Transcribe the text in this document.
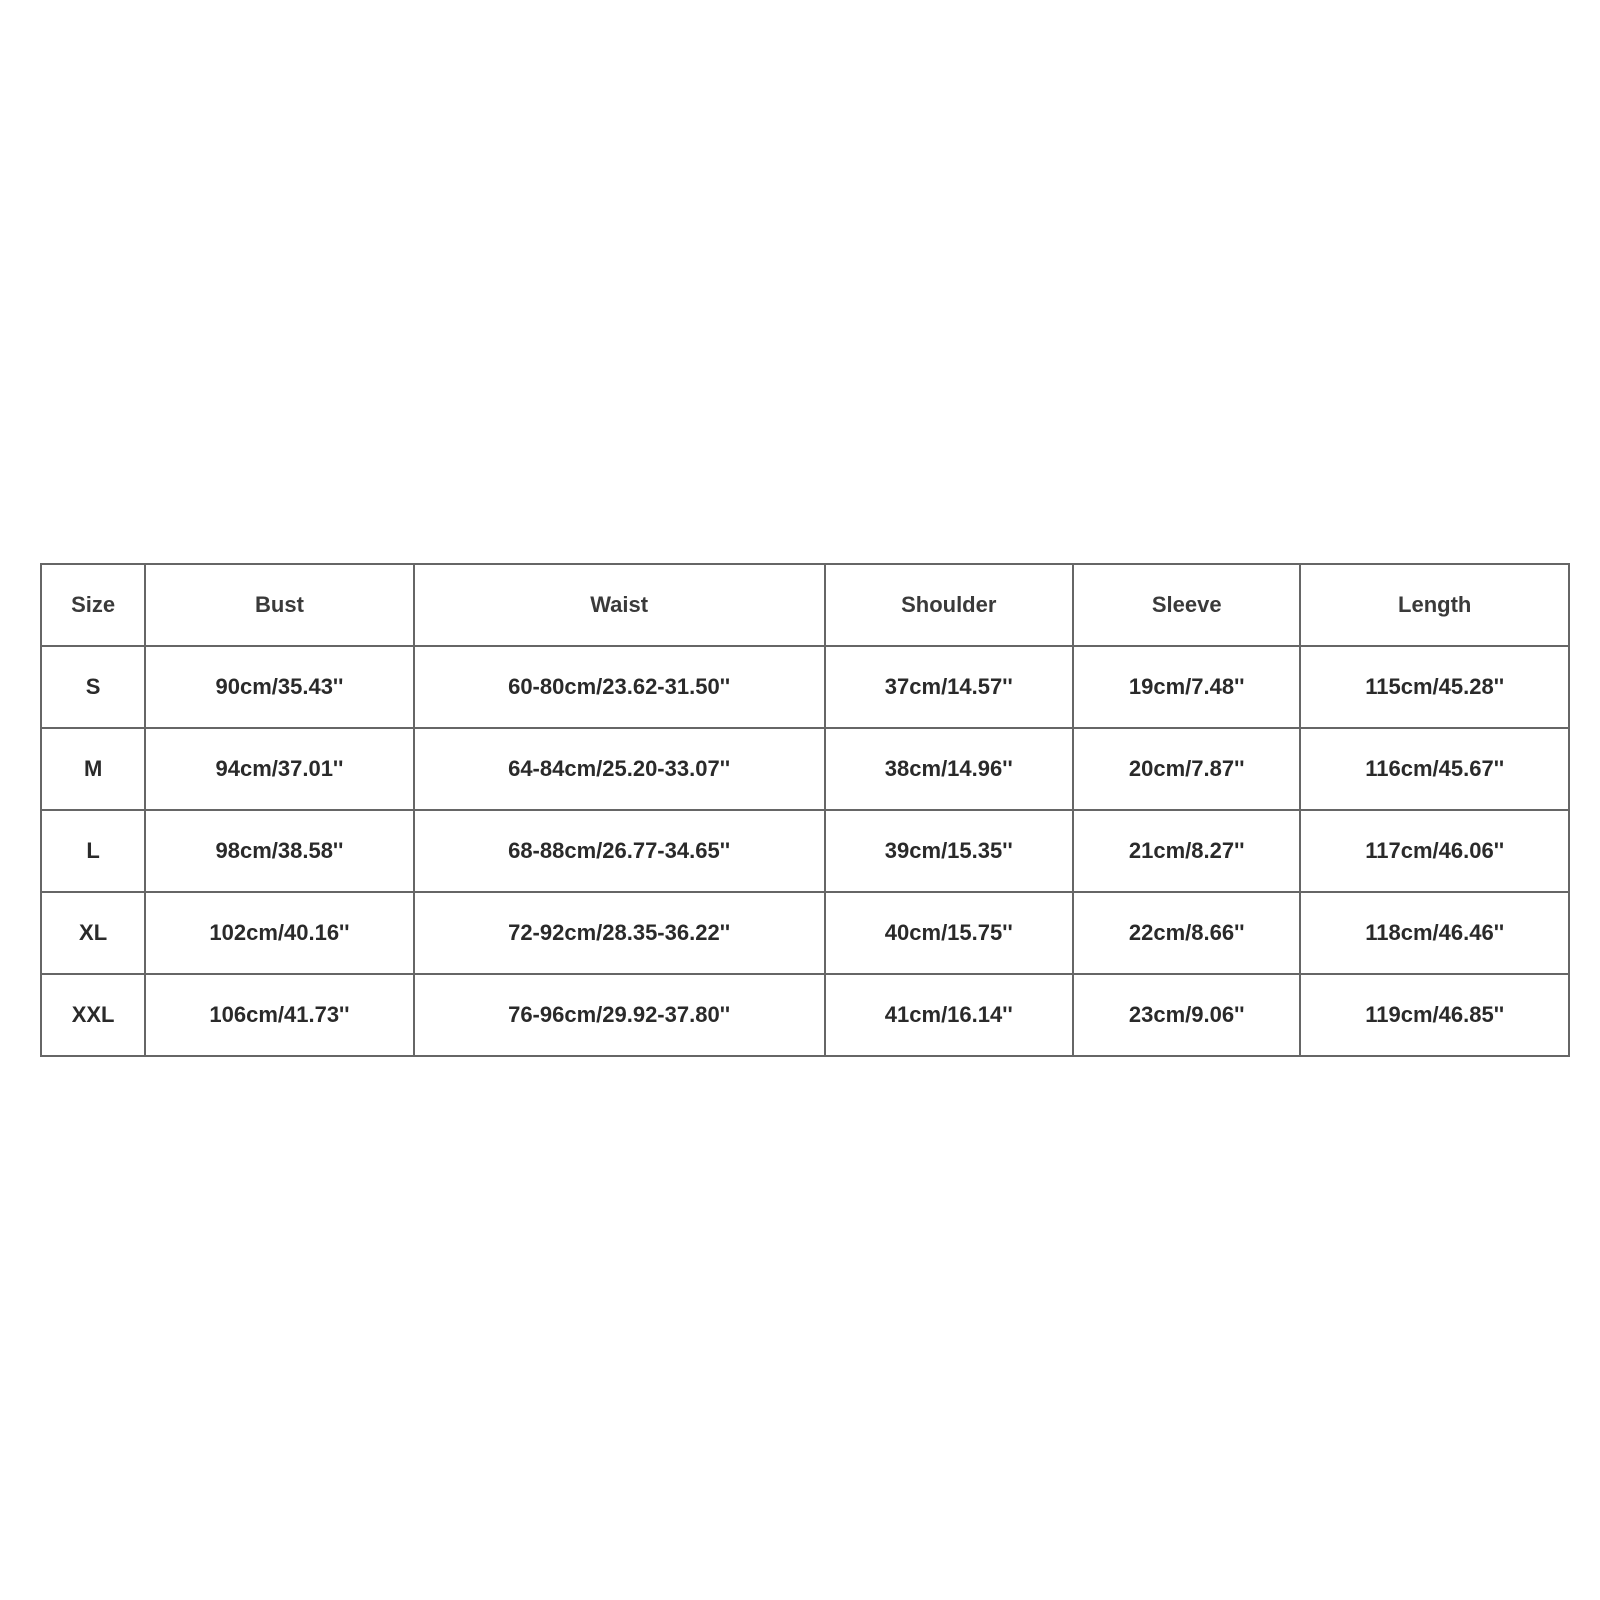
Size	Bust	Waist	Shoulder	Sleeve	Length
S	90cm/35.43''	60-80cm/23.62-31.50''	37cm/14.57''	19cm/7.48''	115cm/45.28''
M	94cm/37.01''	64-84cm/25.20-33.07''	38cm/14.96''	20cm/7.87''	116cm/45.67''
L	98cm/38.58''	68-88cm/26.77-34.65''	39cm/15.35''	21cm/8.27''	117cm/46.06''
XL	102cm/40.16''	72-92cm/28.35-36.22''	40cm/15.75''	22cm/8.66''	118cm/46.46''
XXL	106cm/41.73''	76-96cm/29.92-37.80''	41cm/16.14''	23cm/9.06''	119cm/46.85''
